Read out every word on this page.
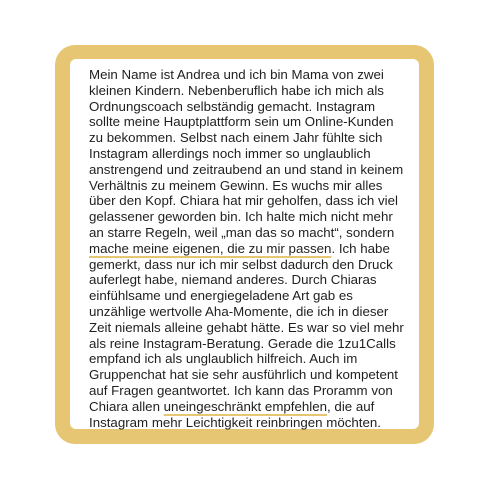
Mein Name ist Andrea und ich bin Mama von zwei
kleinen Kindern. Nebenberuflich habe ich mich als
Ordnungscoach selbständig gemacht. Instagram
sollte meine Hauptplattform sein um Online-Kunden
zu bekommen. Selbst nach einem Jahr fühlte sich
Instagram allerdings noch immer so unglaublich
anstrengend und zeitraubend an und stand in keinem
Verhältnis zu meinem Gewinn. Es wuchs mir alles
über den Kopf. Chiara hat mir geholfen, dass ich viel
gelassener geworden bin. Ich halte mich nicht mehr
an starre Regeln, weil „man das so macht“, sondern
mache meine eigenen, die zu mir passen. Ich habe
gemerkt, dass nur ich mir selbst dadurch den Druck
auferlegt habe, niemand anderes. Durch Chiaras
einfühlsame und energiegeladene Art gab es
unzählige wertvolle Aha-Momente, die ich in dieser
Zeit niemals alleine gehabt hätte. Es war so viel mehr
als reine Instagram-Beratung. Gerade die 1zu1Calls
empfand ich als unglaublich hilfreich. Auch im
Gruppenchat hat sie sehr ausführlich und kompetent
auf Fragen geantwortet. Ich kann das Proramm von
Chiara allen uneingeschränkt empfehlen, die auf
Instagram mehr Leichtigkeit reinbringen möchten.
